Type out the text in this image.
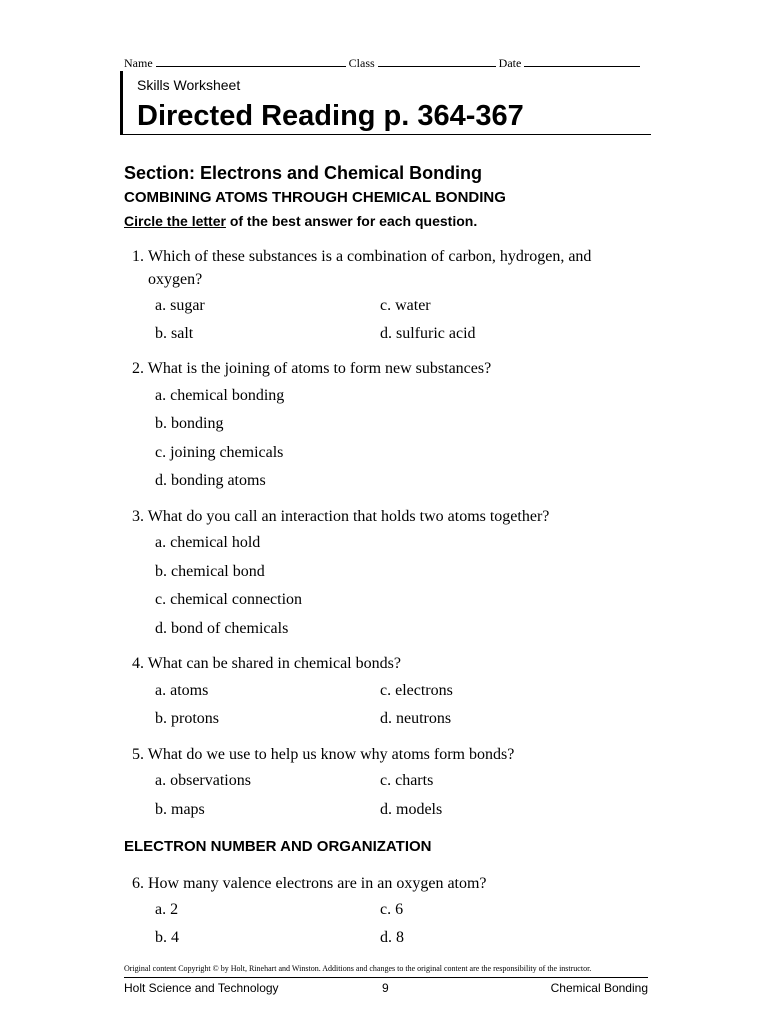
Name	Class	Date
Skills Worksheet
Directed Reading p. 364-367
Section: Electrons and Chemical Bonding
COMBINING ATOMS THROUGH CHEMICAL BONDING
Circle the letter of the best answer for each question.
1. Which of these substances is a combination of carbon, hydrogen, and oxygen?
a. sugar	c. water
b. salt	d. sulfuric acid
2. What is the joining of atoms to form new substances?
a. chemical bonding
b. bonding
c. joining chemicals
d. bonding atoms
3. What do you call an interaction that holds two atoms together?
a. chemical hold
b. chemical bond
c. chemical connection
d. bond of chemicals
4. What can be shared in chemical bonds?
a. atoms	c. electrons
b. protons	d. neutrons
5. What do we use to help us know why atoms form bonds?
a. observations	c. charts
b. maps	d. models
ELECTRON NUMBER AND ORGANIZATION
6. How many valence electrons are in an oxygen atom?
a. 2	c. 6
b. 4	d. 8
Original content Copyright © by Holt, Rinehart and Winston. Additions and changes to the original content are the responsibility of the instructor.
Holt Science and Technology	9	Chemical Bonding
